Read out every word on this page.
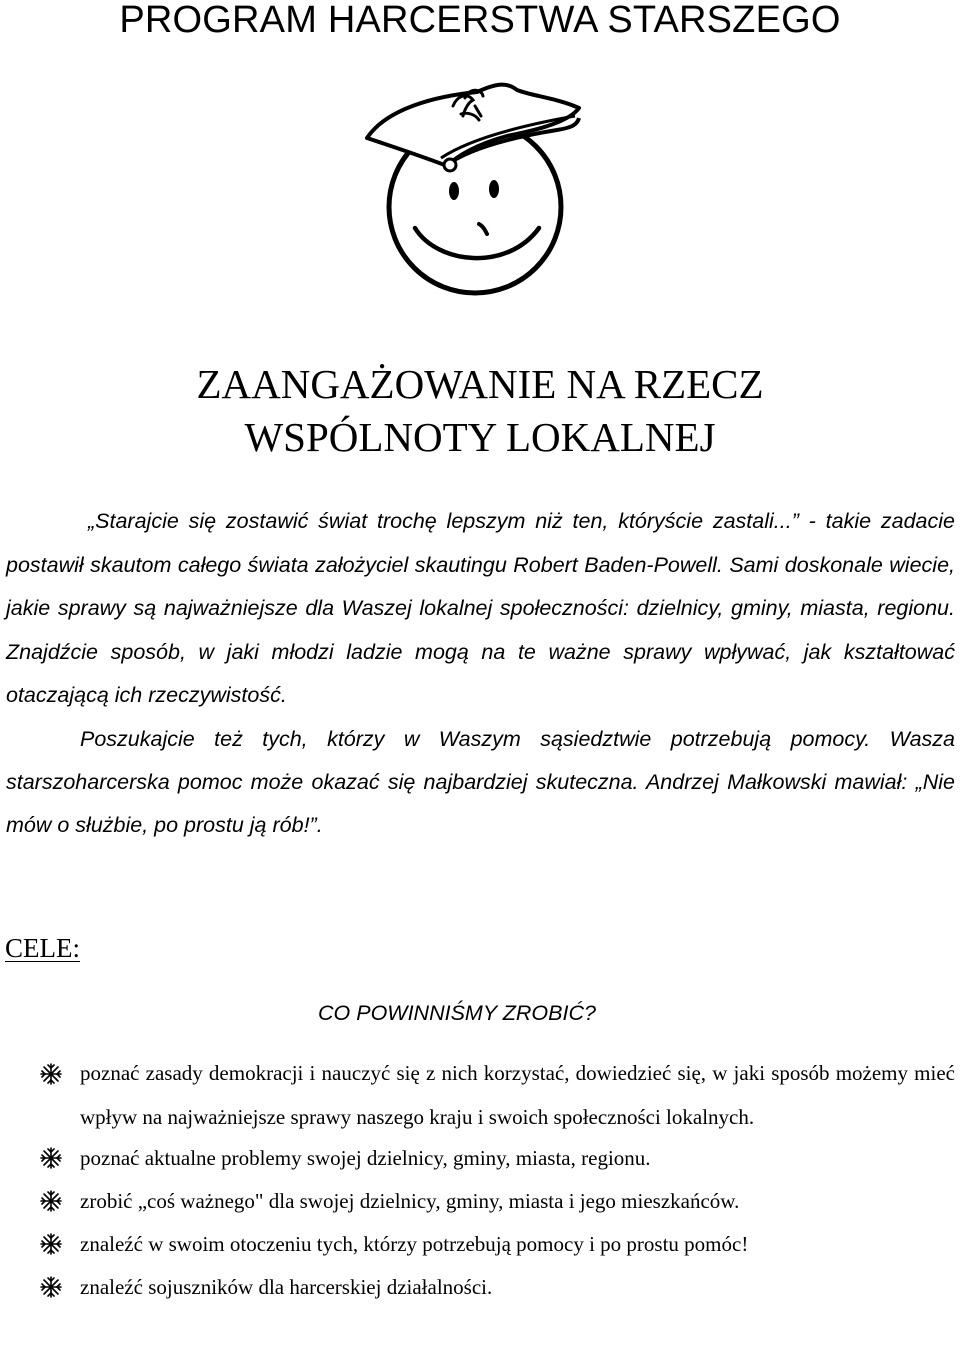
PROGRAM HARCERSTWA STARSZEGO
ZAANGAŻOWANIE NA RZECZ
WSPÓLNOTY LOKALNEJ

„Starajcie się zostawić świat trochę lepszym niż ten, któryście zastali...” - takie zadacie postawił skautom całego świata założyciel skautingu Robert Baden-Powell. Sami doskonale wiecie, jakie sprawy są najważniejsze dla Waszej lokalnej społeczności: dzielnicy, gminy, miasta, regionu. Znajdźcie sposób, w jaki młodzi ladzie mogą na te ważne sprawy wpływać, jak kształtować otaczającą ich rzeczywistość.

Poszukajcie też tych, którzy w Waszym sąsiedztwie potrzebują pomocy. Wasza starszoharcerska pomoc może okazać się najbardziej skuteczna. Andrzej Małkowski mawiał: „Nie mów o służbie, po prostu ją rób!”.

CELE:
CO POWINNIŚMY ZROBIĆ?
poznać zasady demokracji i nauczyć się z nich korzystać, dowiedzieć się, w jaki sposób możemy mieć wpływ na najważniejsze sprawy naszego kraju i swoich społeczności lokalnych.
poznać aktualne problemy swojej dzielnicy, gminy, miasta, regionu.
zrobić „coś ważnego" dla swojej dzielnicy, gminy, miasta i jego mieszkańców.
znaleźć w swoim otoczeniu tych, którzy potrzebują pomocy i po prostu pomóc!
znaleźć sojuszników dla harcerskiej działalności.
